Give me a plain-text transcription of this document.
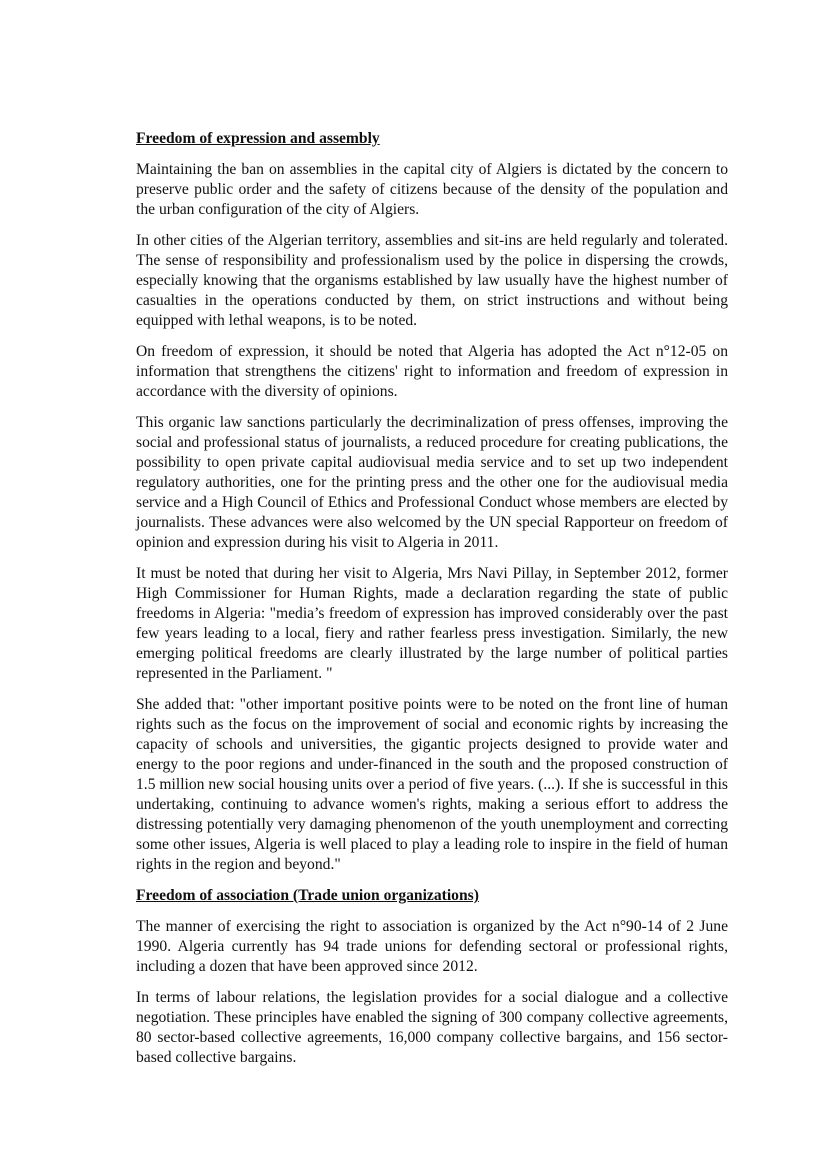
Freedom of expression and assembly

Maintaining the ban on assemblies in the capital city of Algiers is dictated by the concern to preserve public order and the safety of citizens because of the density of the population and the urban configuration of the city of Algiers.

In other cities of the Algerian territory, assemblies and sit-ins are held regularly and tolerated. The sense of responsibility and professionalism used by the police in dispersing the crowds, especially knowing that the organisms established by law usually have the highest number of casualties in the operations conducted by them, on strict instructions and without being equipped with lethal weapons, is to be noted.

On freedom of expression, it should be noted that Algeria has adopted the Act n°12-05 on information that strengthens the citizens' right to information and freedom of expression in accordance with the diversity of opinions.

This organic law sanctions particularly the decriminalization of press offenses, improving the social and professional status of journalists, a reduced procedure for creating publications, the possibility to open private capital audiovisual media service and to set up two independent regulatory authorities, one for the printing press and the other one for the audiovisual media service and a High Council of Ethics and Professional Conduct whose members are elected by journalists. These advances were also welcomed by the UN special Rapporteur on freedom of opinion and expression during his visit to Algeria in 2011.

It must be noted that during her visit to Algeria, Mrs Navi Pillay, in September 2012, former High Commissioner for Human Rights, made a declaration regarding the state of public freedoms in Algeria: "media’s freedom of expression has improved considerably over the past few years leading to a local, fiery and rather fearless press investigation. Similarly, the new emerging political freedoms are clearly illustrated by the large number of political parties represented in the Parliament. "

She added that: "other important positive points were to be noted on the front line of human rights such as the focus on the improvement of social and economic rights by increasing the capacity of schools and universities, the gigantic projects designed to provide water and energy to the poor regions and under-financed in the south and the proposed construction of 1.5 million new social housing units over a period of five years. (...). If she is successful in this undertaking, continuing to advance women's rights, making a serious effort to address the distressing potentially very damaging phenomenon of the youth unemployment and correcting some other issues, Algeria is well placed to play a leading role to inspire in the field of human rights in the region and beyond."

Freedom of association (Trade union organizations)

The manner of exercising the right to association is organized by the Act n°90-14 of 2 June 1990. Algeria currently has 94 trade unions for defending sectoral or professional rights, including a dozen that have been approved since 2012.

In terms of labour relations, the legislation provides for a social dialogue and a collective negotiation. These principles have enabled the signing of 300 company collective agreements, 80 sector-based collective agreements, 16,000 company collective bargains, and 156 sector-based collective bargains.
